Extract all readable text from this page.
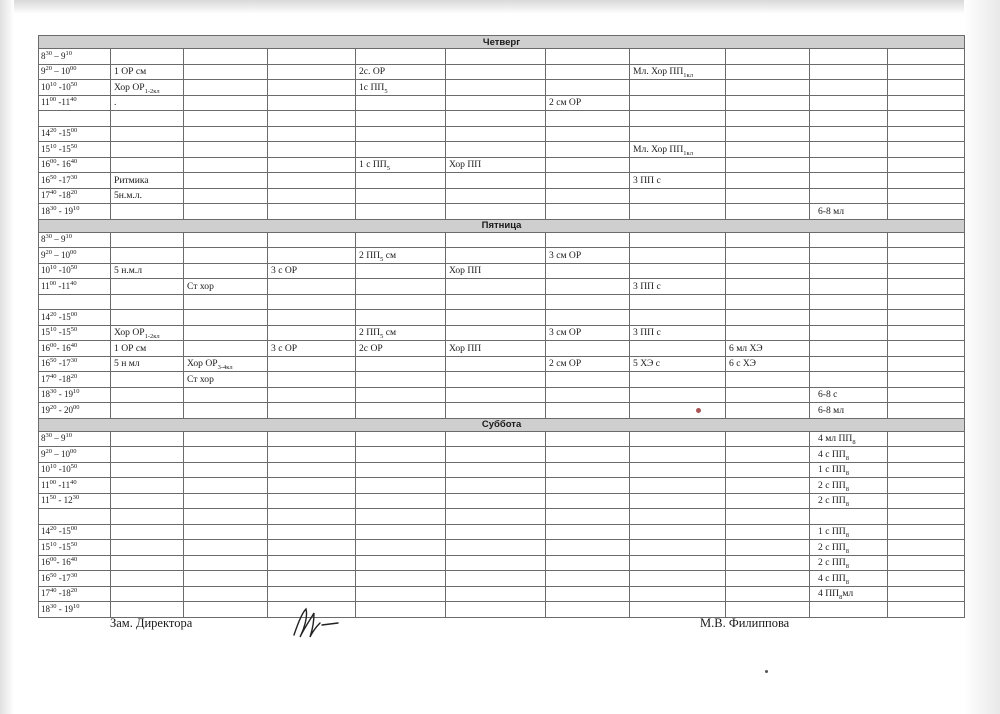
Четверг										
$8^{30} - 9^{10}$										
$9^{20} - 10^{00}$	1 ОР см			2с. ОР			Мл. Хор $ПП_{1кл}$			
$10^{10}$ $-10^{50}$	Хор $ОР_{1-2кл}$			1с $ПП_5$						
$11^{00}$ $-11^{40}$	.					2 см ОР				

$14^{20}$ $-15^{00}$										
$15^{10}$ $-15^{50}$							Мл. Хор $ПП_{1кл}$			
$16^{00}-$ $16^{40}$				1 с $ПП_5$	Хор ПП					
$16^{50}$ $-17^{30}$	Ритмика						3 ПП с			
$17^{40}$ $-18^{20}$	5н.м.л.									
$18^{30} - 19^{10}$									6-8 мл	
Пятница										
$8^{30} - 9^{10}$										
$9^{20} - 10^{00}$				2 $ПП_5$ см		3 см ОР				
$10^{10}$ $-10^{50}$	5 н.м.л		3 с ОР		Хор ПП					
$11^{00}$ $-11^{40}$		Ст хор					3 ПП с			

$14^{20}$ $-15^{00}$										
$15^{10}$ $-15^{50}$	Хор $ОР_{1-2кл}$			2 $ПП_5$ см		3 см ОР	3 ПП с			
$16^{00}-$ $16^{40}$	1 ОР см		3 с ОР	2с ОР	Хор ПП			6 мл ХЭ		
$16^{50}$ $-17^{30}$	5 н мл	Хор $ОР_{3-4кл}$				2 см ОР	5 ХЭ с	6 с ХЭ		
$17^{40}$ $-18^{20}$		Ст хор								
$18^{30} - 19^{10}$									6-8 с	
$19^{20} - 20^{00}$									6-8 мл	
Суббота										
$8^{30} - 9^{10}$									4 мл $ПП_8$	
$9^{20} - 10^{00}$									4 с $ПП_8$	
$10^{10}$ $-10^{50}$									1 с $ПП_8$	
$11^{00}$ $-11^{40}$									2 с $ПП_8$	
$11^{50} - 12^{30}$									2 с $ПП_8$	

$14^{20}$ $-15^{00}$									1 с $ПП_8$	
$15^{10}$ $-15^{50}$									2 с $ПП_8$	
$16^{00}-$ $16^{40}$									2 с $ПП_8$	
$16^{50}$ $-17^{30}$									4 с $ПП_8$	
$17^{40}$ $-18^{20}$									4 $ПП_8мл$	
$18^{30} - 19^{10}$										
Зам. Директора	М.В. Филиппова
